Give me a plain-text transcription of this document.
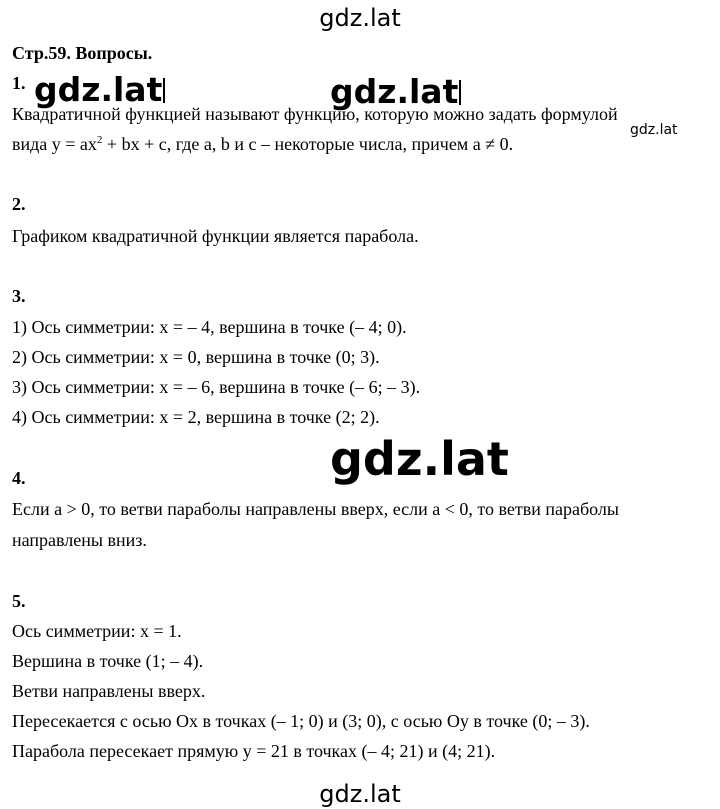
gdz.lat
gdz.lat	gdz.lat
gdz.lat
gdz.lat
gdz.lat
Стр.59. Вопросы.
1.
Квадратичной функцией называют функцию, которую можно задать формулой
вида $y = ax^2$ + bx + c, где a, b и c – некоторые числа, причем a ≠ 0.
2.
Графиком квадратичной функции является парабола.
3.
1) Ось симметрии: x = – 4, вершина в точке (– 4; 0).
2) Ось симметрии: x = 0, вершина в точке (0; 3).
3) Ось симметрии: x = – 6, вершина в точке (– 6; – 3).
4) Ось симметрии: x = 2, вершина в точке (2; 2).
4.
Если a > 0, то ветви параболы направлены вверх, если a < 0, то ветви параболы
направлены вниз.
5.
Ось симметрии: x = 1.
Вершина в точке (1; – 4).
Ветви направлены вверх.
Пересекается с осью Ox в точках (– 1; 0) и (3; 0), с осью Oy в точке (0; – 3).
Парабола пересекает прямую y = 21 в точках (– 4; 21) и (4; 21).
